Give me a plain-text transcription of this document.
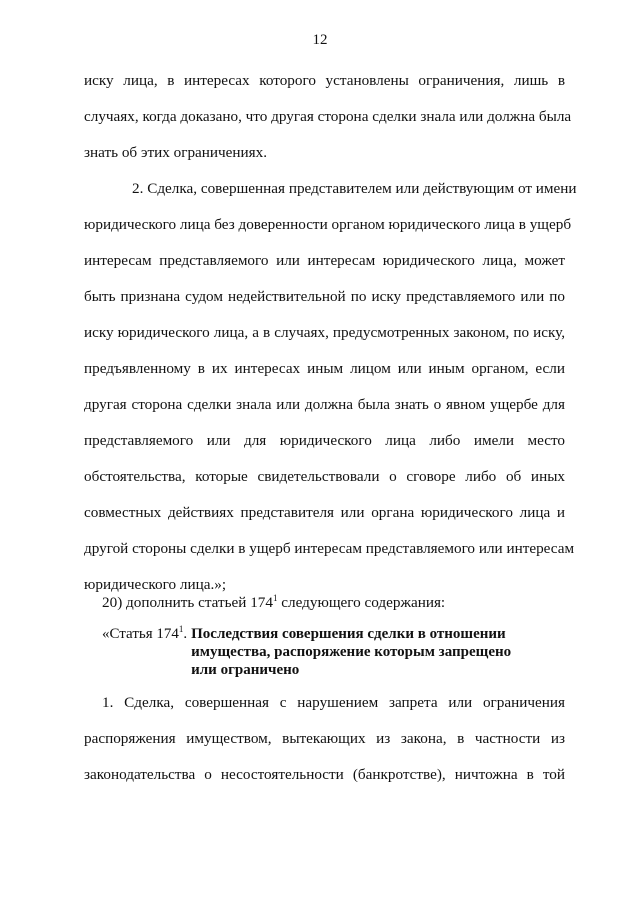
12
иску лица, в интересах которого установлены ограничения, лишь в
случаях, когда доказано, что другая сторона сделки знала или должна была
знать об этих ограничениях.
2. Сделка, совершенная представителем или действующим от имени
юридического лица без доверенности органом юридического лица в ущерб
интересам представляемого или интересам юридического лица, может
быть признана судом недействительной по иску представляемого или по
иску юридического лица, а в случаях, предусмотренных законом, по иску,
предъявленному в их интересах иным лицом или иным органом, если
другая сторона сделки знала или должна была знать о явном ущербе для
представляемого или для юридического лица либо имели место
обстоятельства, которые свидетельствовали о сговоре либо об иных
совместных действиях представителя или органа юридического лица и
другой стороны сделки в ущерб интересам представляемого или интересам
юридического лица.»;
20) дополнить статьей $174^1$ следующего содержания:
«Статья $174^1$. Последствия совершения сделки в отношении
имущества, распоряжение которым запрещено
или ограничено
1. Сделка, совершенная с нарушением запрета или ограничения
распоряжения имуществом, вытекающих из закона, в частности из
законодательства о несостоятельности (банкротстве), ничтожна в той
